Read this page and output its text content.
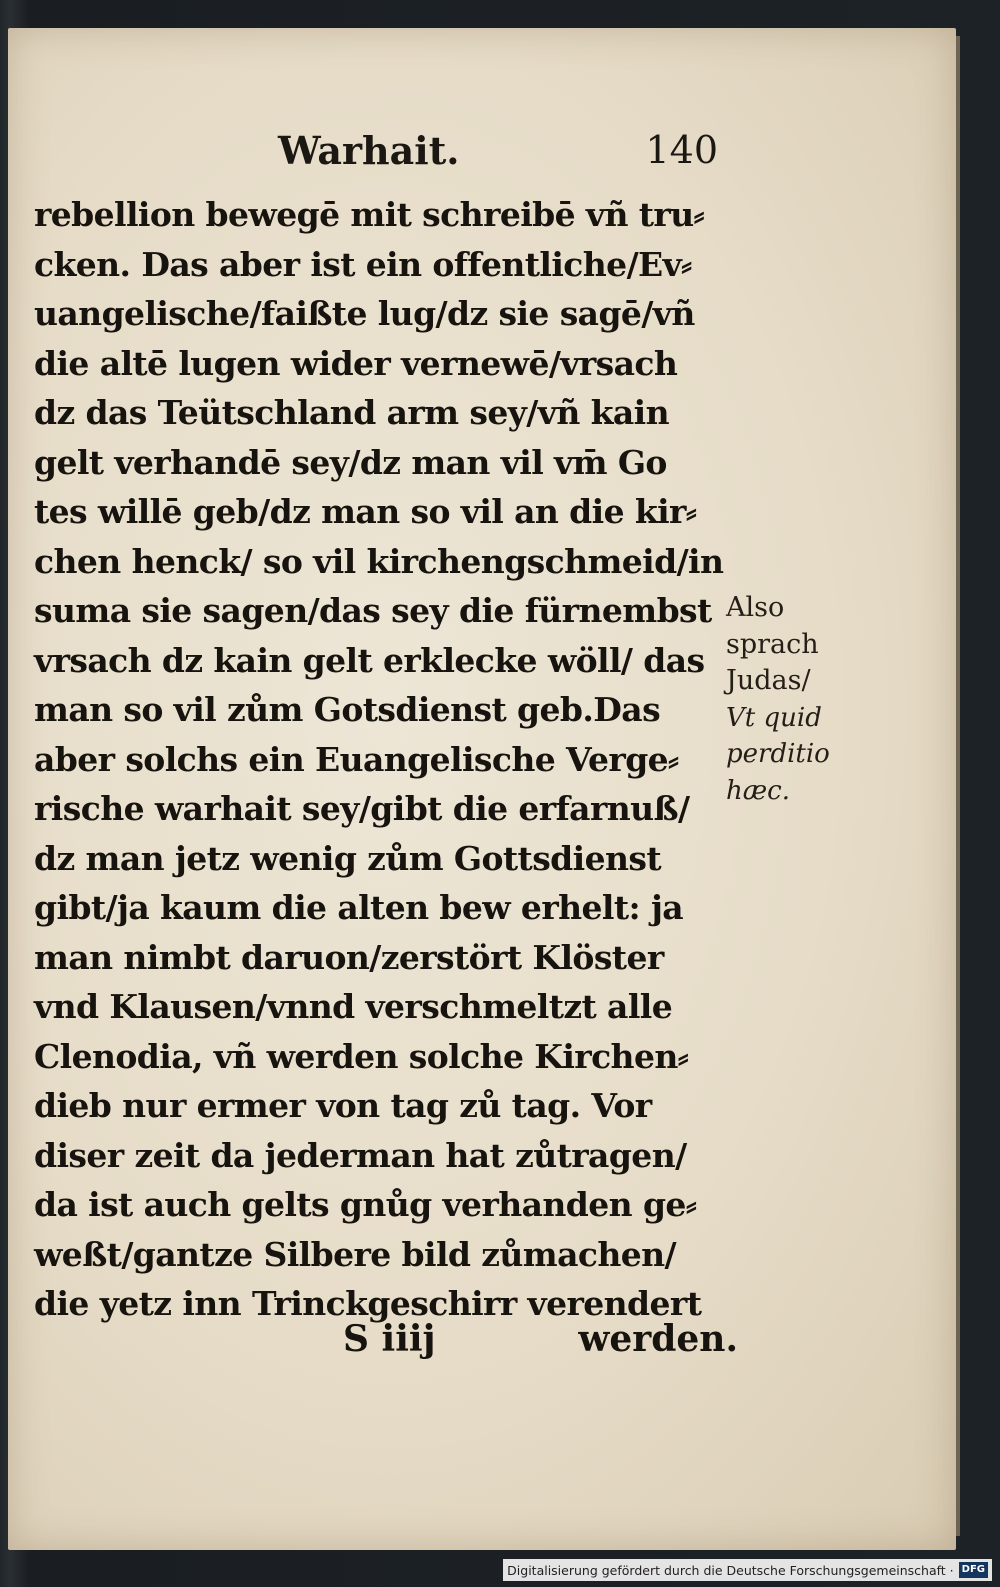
Warhait.	140
rebellion bewegē mit schreibē vñ tru⸗
cken. Das aber ist ein offentliche/Ev⸗
uangelische/faißte lug/dz sie sagē/vñ
die altē lugen wider vernewē/vrsach
dz das Teütschland arm sey/vñ kain
gelt verhandē sey/dz man vil vm̄ Go
tes willē geb/dz man so vil an die kir⸗
chen henck/ so vil kirchengschmeid/in
suma sie sagen/das sey die fürnembst
vrsach dz kain gelt erklecke wöll/ das
man so vil zům Gotsdienst geb.Das
aber solchs ein Euangelische Verge⸗
rische warhait sey/gibt die erfarnuß/
dz man jetz wenig zům Gottsdienst
gibt/ja kaum die alten bew erhelt: ja
man nimbt daruon/zerstört Klöster
vnd Klausen/vnnd verschmeltzt alle
Clenodia, vñ werden solche Kirchen⸗
dieb nur ermer von tag zů tag. Vor
diser zeit da jederman hat zůtragen/
da ist auch gelts gnůg verhanden ge⸗
weßt/gantze Silbere bild zůmachen/
die yetz inn Trinckgeschirr verendert
S iiij	werden.
Also
sprach
Judas/
Vt quid
perditio
hæc.
Digitalisierung gefördert durch die Deutsche Forschungsgemeinschaft · DFG
